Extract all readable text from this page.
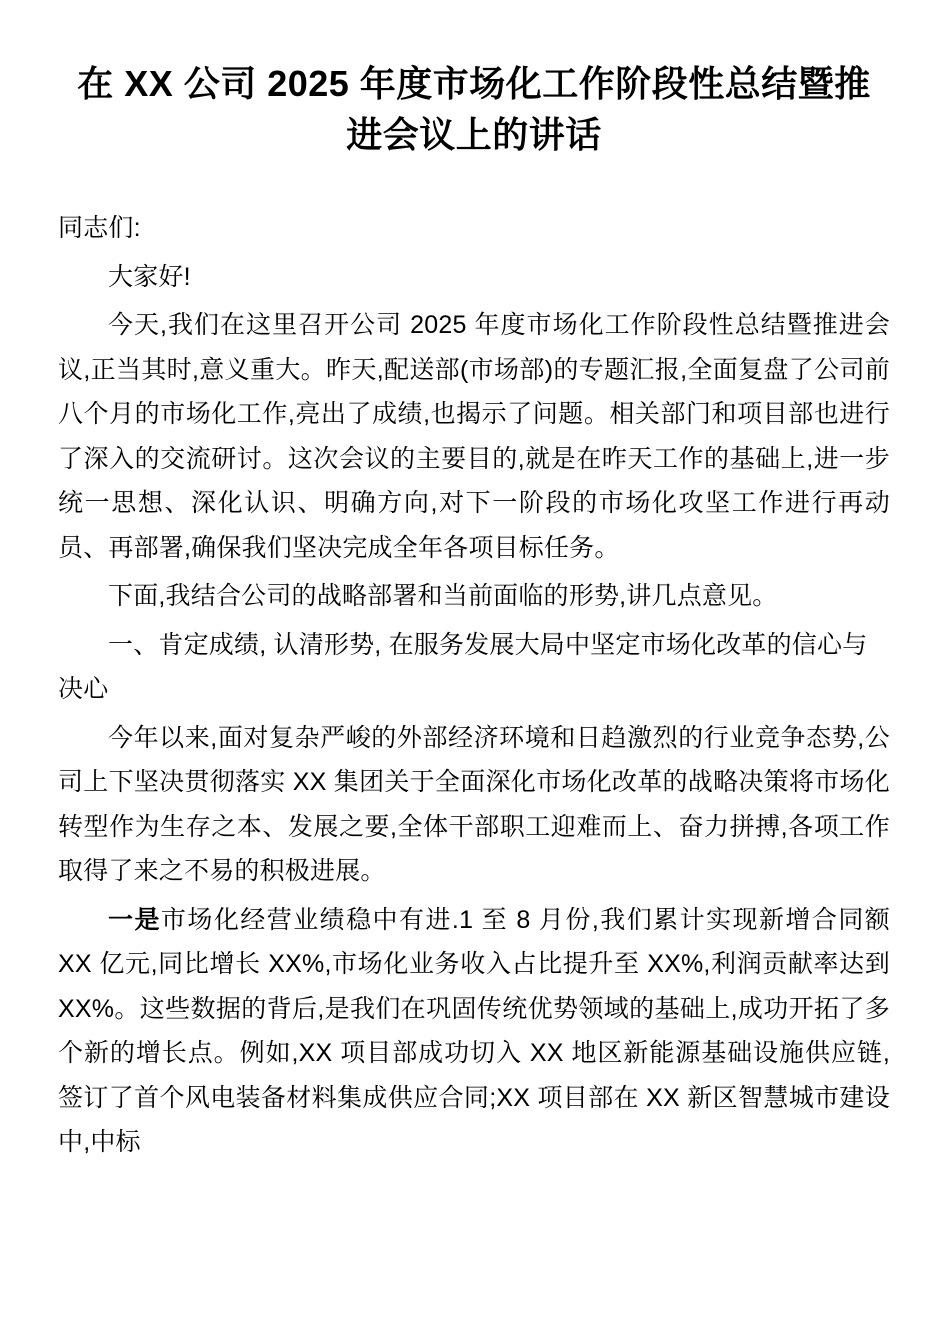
在 XX 公司 2025 年度市场化工作阶段性总结暨推进会议上的讲话

同志们:

大家好!

今天,我们在这里召开公司 2025 年度市场化工作阶段性总结暨推进会议,正当其时,意义重大。昨天,配送部(市场部)的专题汇报,全面复盘了公司前八个月的市场化工作,亮出了成绩,也揭示了问题。相关部门和项目部也进行了深入的交流研讨。这次会议的主要目的,就是在昨天工作的基础上,进一步统一思想、深化认识、明确方向,对下一阶段的市场化攻坚工作进行再动员、再部署,确保我们坚决完成全年各项目标任务。

下面,我结合公司的战略部署和当前面临的形势,讲几点意见。

一、肯定成绩, 认清形势, 在服务发展大局中坚定市场化改革的信心与决心

今年以来,面对复杂严峻的外部经济环境和日趋激烈的行业竞争态势,公司上下坚决贯彻落实 XX 集团关于全面深化市场化改革的战略决策将市场化转型作为生存之本、发展之要,全体干部职工迎难而上、奋力拼搏,各项工作取得了来之不易的积极进展。

一是市场化经营业绩稳中有进.1 至 8 月份,我们累计实现新增合同额 XX 亿元,同比增长 XX%,市场化业务收入占比提升至 XX%,利润贡献率达到 XX%。这些数据的背后,是我们在巩固传统优势领域的基础上,成功开拓了多个新的增长点。例如,XX 项目部成功切入 XX 地区新能源基础设施供应链,签订了首个风电装备材料集成供应合同;XX 项目部在 XX 新区智慧城市建设中,中标
